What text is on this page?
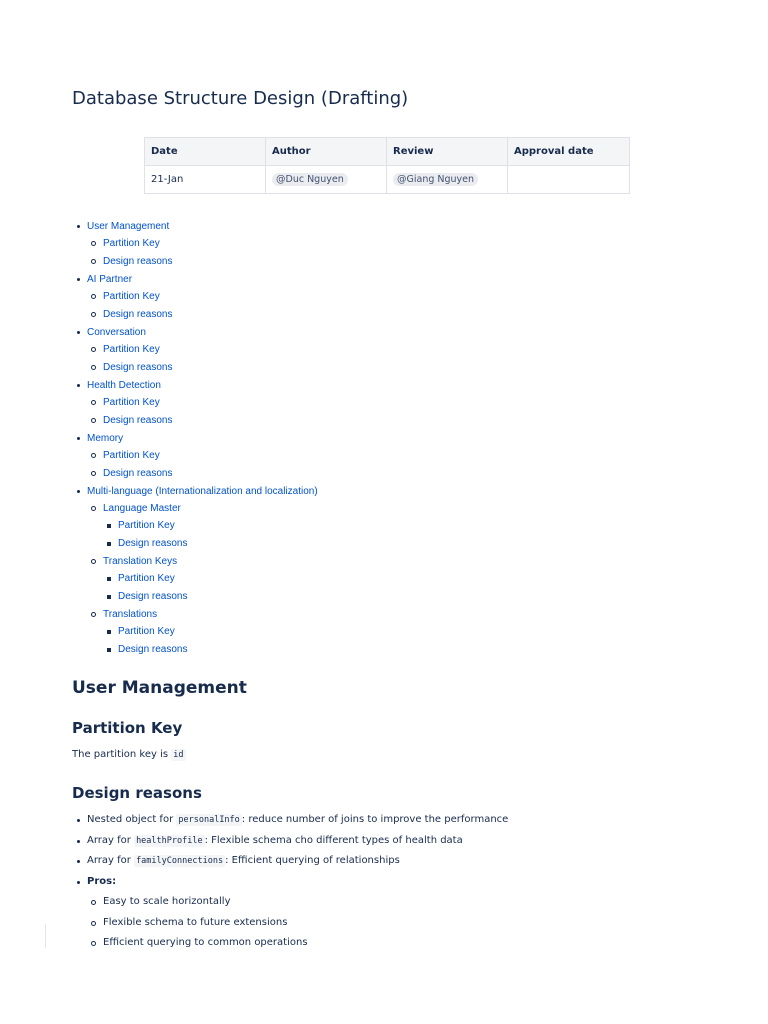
Database Structure Design (Drafting)
Date	Author	Review	Approval date
21-Jan	@Duc Nguyen	@Giang Nguyen	
User Management
Partition Key
Design reasons
AI Partner
Partition Key
Design reasons
Conversation
Partition Key
Design reasons
Health Detection
Partition Key
Design reasons
Memory
Partition Key
Design reasons
Multi-language (Internationalization and localization)
Language Master
Partition Key
Design reasons
Translation Keys
Partition Key
Design reasons
Translations
Partition Key
Design reasons
User Management
Partition Key

The partition key is id

Design reasons
Nested object for personalInfo : reduce number of joins to improve the performance
Array for healthProfile : Flexible schema cho different types of health data
Array for familyConnections : Efficient querying of relationships
Pros:
Easy to scale horizontally
Flexible schema to future extensions
Efficient querying to common operations
